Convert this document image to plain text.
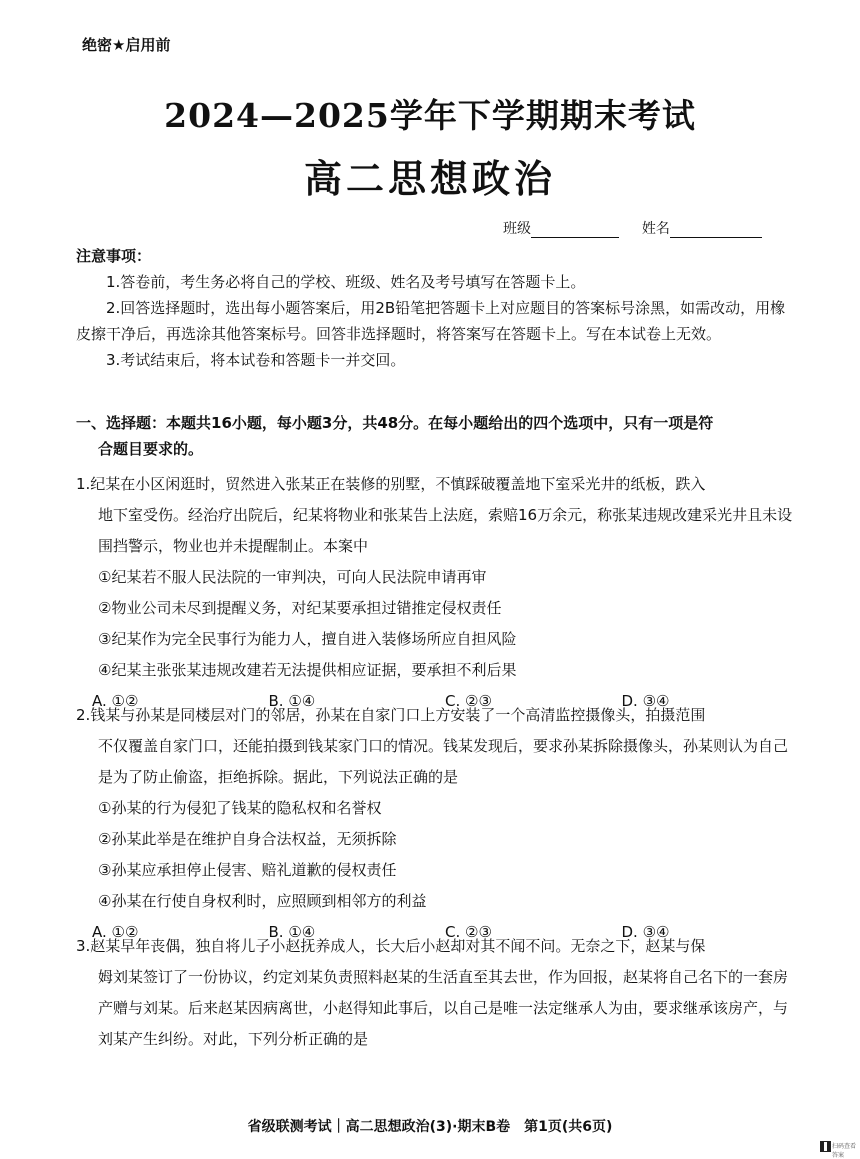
绝密★启用前
2024—2025学年下学期期末考试
高二思想政治
班级	姓名
注意事项：

1.答卷前，考生务必将自己的学校、班级、姓名及考号填写在答题卡上。

2.回答选择题时，选出每小题答案后，用2B铅笔把答题卡上对应题目的答案标号涂黑，如需改动，用橡皮擦干净后，再选涂其他答案标号。回答非选择题时，将答案写在答题卡上。写在本试卷上无效。

3.考试结束后，将本试卷和答题卡一并交回。

一、选择题：本题共16小题，每小题3分，共48分。在每小题给出的四个选项中，只有一项是符
合题目要求的。

1.纪某在小区闲逛时，贸然进入张某正在装修的别墅，不慎踩破覆盖地下室采光井的纸板，跌入

地下室受伤。经治疗出院后，纪某将物业和张某告上法庭，索赔16万余元，称张某违规改建采光井且未设围挡警示，物业也并未提醒制止。本案中

①纪某若不服人民法院的一审判决，可向人民法院申请再审

②物业公司未尽到提醒义务，对纪某要承担过错推定侵权责任

③纪某作为完全民事行为能力人，擅自进入装修场所应自担风险

④纪某主张张某违规改建若无法提供相应证据，要承担不利后果

A. ①②	B. ①④	C. ②③	D. ③④

2.钱某与孙某是同楼层对门的邻居，孙某在自家门口上方安装了一个高清监控摄像头，拍摄范围

不仅覆盖自家门口，还能拍摄到钱某家门口的情况。钱某发现后，要求孙某拆除摄像头，孙某则认为自己是为了防止偷盗，拒绝拆除。据此，下列说法正确的是

①孙某的行为侵犯了钱某的隐私权和名誉权

②孙某此举是在维护自身合法权益，无须拆除

③孙某应承担停止侵害、赔礼道歉的侵权责任

④孙某在行使自身权利时，应照顾到相邻方的利益

A. ①②	B. ①④	C. ②③	D. ③④

3.赵某早年丧偶，独自将儿子小赵抚养成人，长大后小赵却对其不闻不问。无奈之下，赵某与保

姆刘某签订了一份协议，约定刘某负责照料赵某的生活直至其去世，作为回报，赵某将自己名下的一套房产赠与刘某。后来赵某因病离世，小赵得知此事后，以自己是唯一法定继承人为由，要求继承该房产，与刘某产生纠纷。对此，下列分析正确的是

省级联测考试｜高二思想政治(3)·期末B卷　第1页(共6页)
扫码查看答案
